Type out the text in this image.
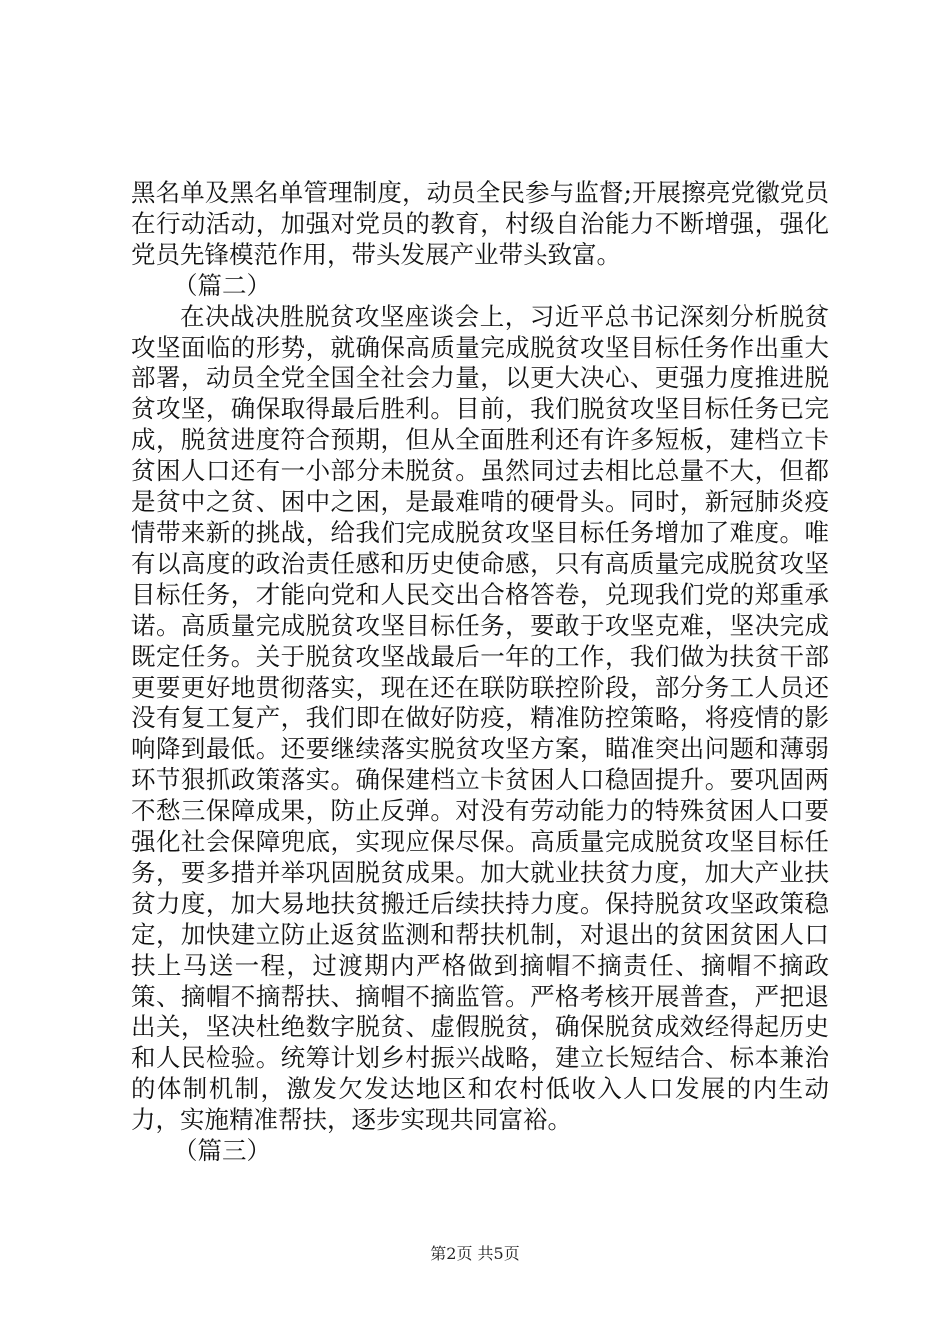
黑名单及黑名单管理制度，动员全民参与监督;开展擦亮党徽党员在行动活动，加强对党员的教育，村级自治能力不断增强，强化党员先锋模范作用，带头发展产业带头致富。

（篇二）

在决战决胜脱贫攻坚座谈会上，习近平总书记深刻分析脱贫攻坚面临的形势，就确保高质量完成脱贫攻坚目标任务作出重大部署，动员全党全国全社会力量，以更大决心、更强力度推进脱贫攻坚，确保取得最后胜利。目前，我们脱贫攻坚目标任务已完成，脱贫进度符合预期，但从全面胜利还有许多短板，建档立卡贫困人口还有一小部分未脱贫。虽然同过去相比总量不大，但都是贫中之贫、困中之困，是最难啃的硬骨头。同时，新冠肺炎疫情带来新的挑战，给我们完成脱贫攻坚目标任务增加了难度。唯有以高度的政治责任感和历史使命感，只有高质量完成脱贫攻坚目标任务，才能向党和人民交出合格答卷，兑现我们党的郑重承诺。高质量完成脱贫攻坚目标任务，要敢于攻坚克难，坚决完成既定任务。关于脱贫攻坚战最后一年的工作，我们做为扶贫干部更要更好地贯彻落实，现在还在联防联控阶段，部分务工人员还没有复工复产，我们即在做好防疫，精准防控策略，将疫情的影响降到最低。还要继续落实脱贫攻坚方案，瞄准突出问题和薄弱环节狠抓政策落实。确保建档立卡贫困人口稳固提升。要巩固两不愁三保障成果，防止反弹。对没有劳动能力的特殊贫困人口要强化社会保障兜底，实现应保尽保。高质量完成脱贫攻坚目标任务，要多措并举巩固脱贫成果。加大就业扶贫力度，加大产业扶贫力度，加大易地扶贫搬迁后续扶持力度。保持脱贫攻坚政策稳定，加快建立防止返贫监测和帮扶机制，对退出的贫困贫困人口扶上马送一程，过渡期内严格做到摘帽不摘责任、摘帽不摘政策、摘帽不摘帮扶、摘帽不摘监管。严格考核开展普查，严把退出关，坚决杜绝数字脱贫、虚假脱贫，确保脱贫成效经得起历史和人民检验。统筹计划乡村振兴战略，建立长短结合、标本兼治的体制机制，激发欠发达地区和农村低收入人口发展的内生动力，实施精准帮扶，逐步实现共同富裕。

（篇三）

第2页 共5页
